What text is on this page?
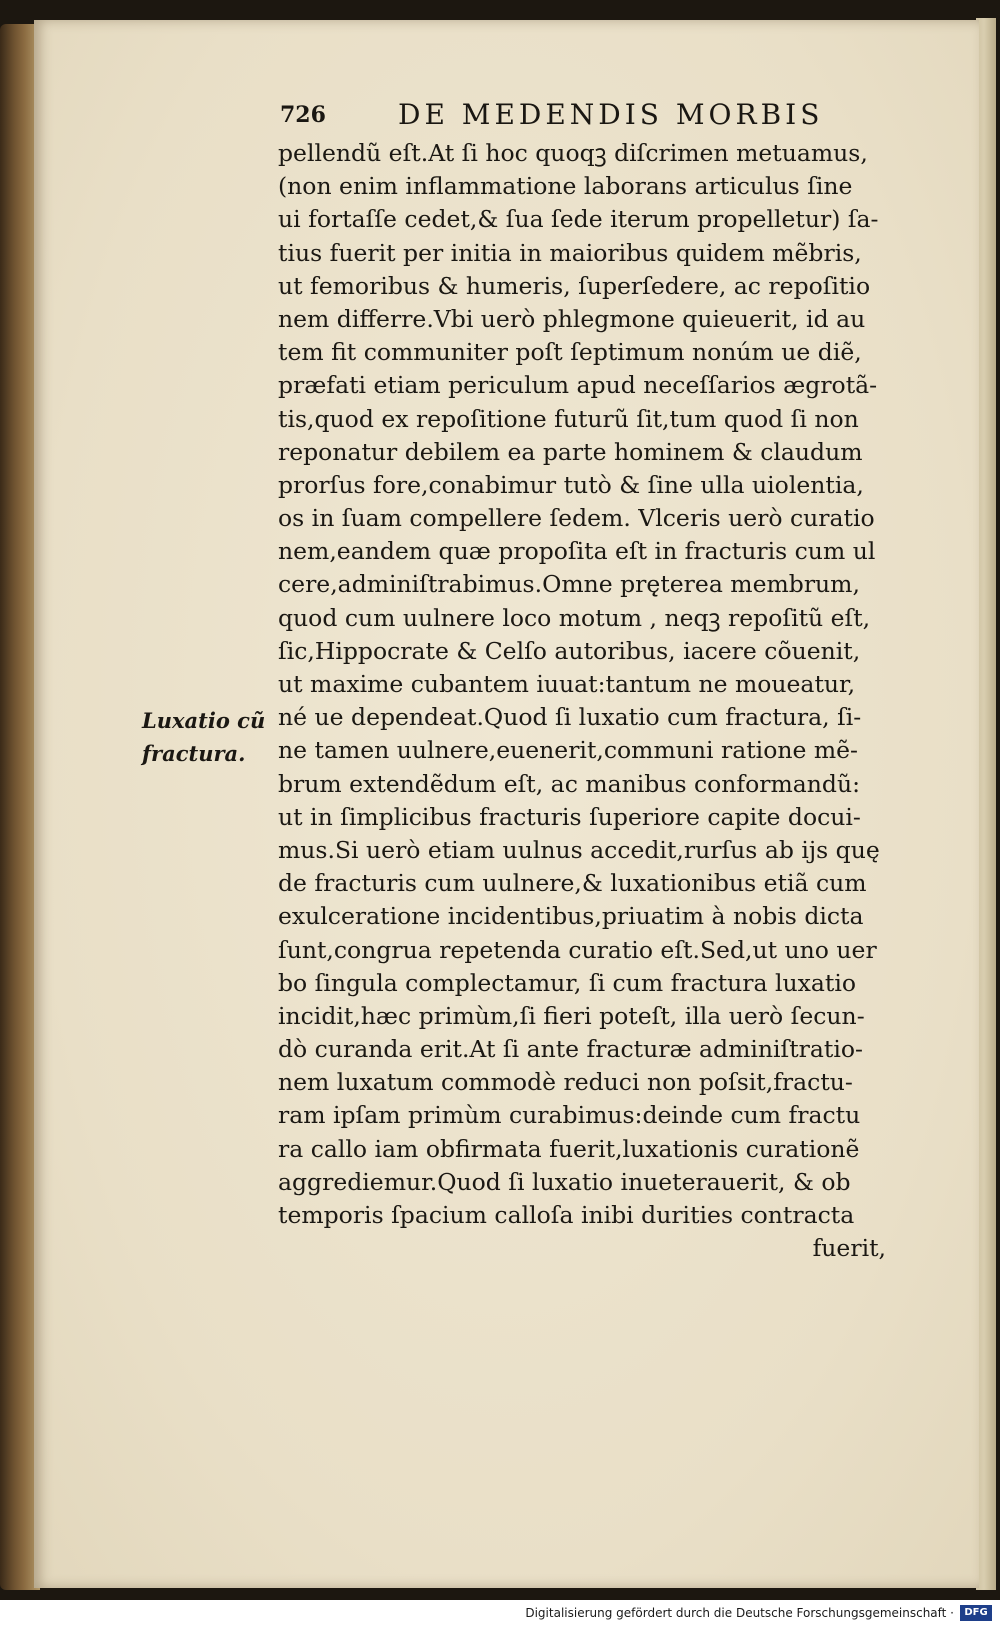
726	DE MEDENDIS MORBIS
Luxatio cũ
fractura.
pellendũ eſt.At ſi hoc quoqꝫ diſcrimen metuamus,
(non enim inflammatione laborans articulus ſine
ui fortaſſe cedet,& ſua ſede iterum propelletur) ſa-
tius fuerit per initia in maioribus quidem mẽbris,
ut femoribus & humeris, ſuperſedere, ac repoſitio
nem differre.Vbi uerò phlegmone quieuerit, id au
tem fit communiter poſt ſeptimum nonúm ue diẽ,
præfati etiam periculum apud neceſſarios ægrotã-
tis,quod ex repoſitione futurũ ſit,tum quod ſi non
reponatur debilem ea parte hominem & claudum
prorſus fore,conabimur tutò & ſine ulla uiolentia,
os in ſuam compellere ſedem. Vlceris uerò curatio
nem,eandem quæ propoſita eſt in fracturis cum ul
cere,adminiſtrabimus.Omne prę̨terea membrum,
quod cum uulnere loco motum , neqꝫ repoſitũ eſt,
ſic,Hippocrate & Celſo autoribus, iacere cõuenit,
ut maxime cubantem iuuat:tantum ne moueatur,
né ue dependeat.Quod ſi luxatio cum fractura, ſi-
ne tamen uulnere,euenerit,communi ratione mẽ-
brum extendẽdum eſt, ac manibus conformandũ:
ut in ſimplicibus fracturis ſuperiore capite docui-
mus.Si uerò etiam uulnus accedit,rurſus ab ijs quę
de fracturis cum uulnere,& luxationibus etiã cum
exulceratione incidentibus,priuatim à nobis dicta
ſunt,congrua repetenda curatio eſt.Sed,ut uno uer
bo ſingula complectamur, ſi cum fractura luxatio
incidit,hæc primùm,ſi fieri poteſt, illa uerò ſecun-
dò curanda erit.At ſi ante fracturæ adminiſtratio-
nem luxatum commodè reduci non poſsit,fractu-
ram ipſam primùm curabimus:deinde cum fractu
ra callo iam obfirmata fuerit,luxationis curationẽ
aggrediemur.Quod ſi luxatio inueterauerit, & ob
temporis ſpacium calloſa inibi durities contracta
fuerit,
Digitalisierung gefördert durch die Deutsche Forschungsgemeinschaft ·	DFG
